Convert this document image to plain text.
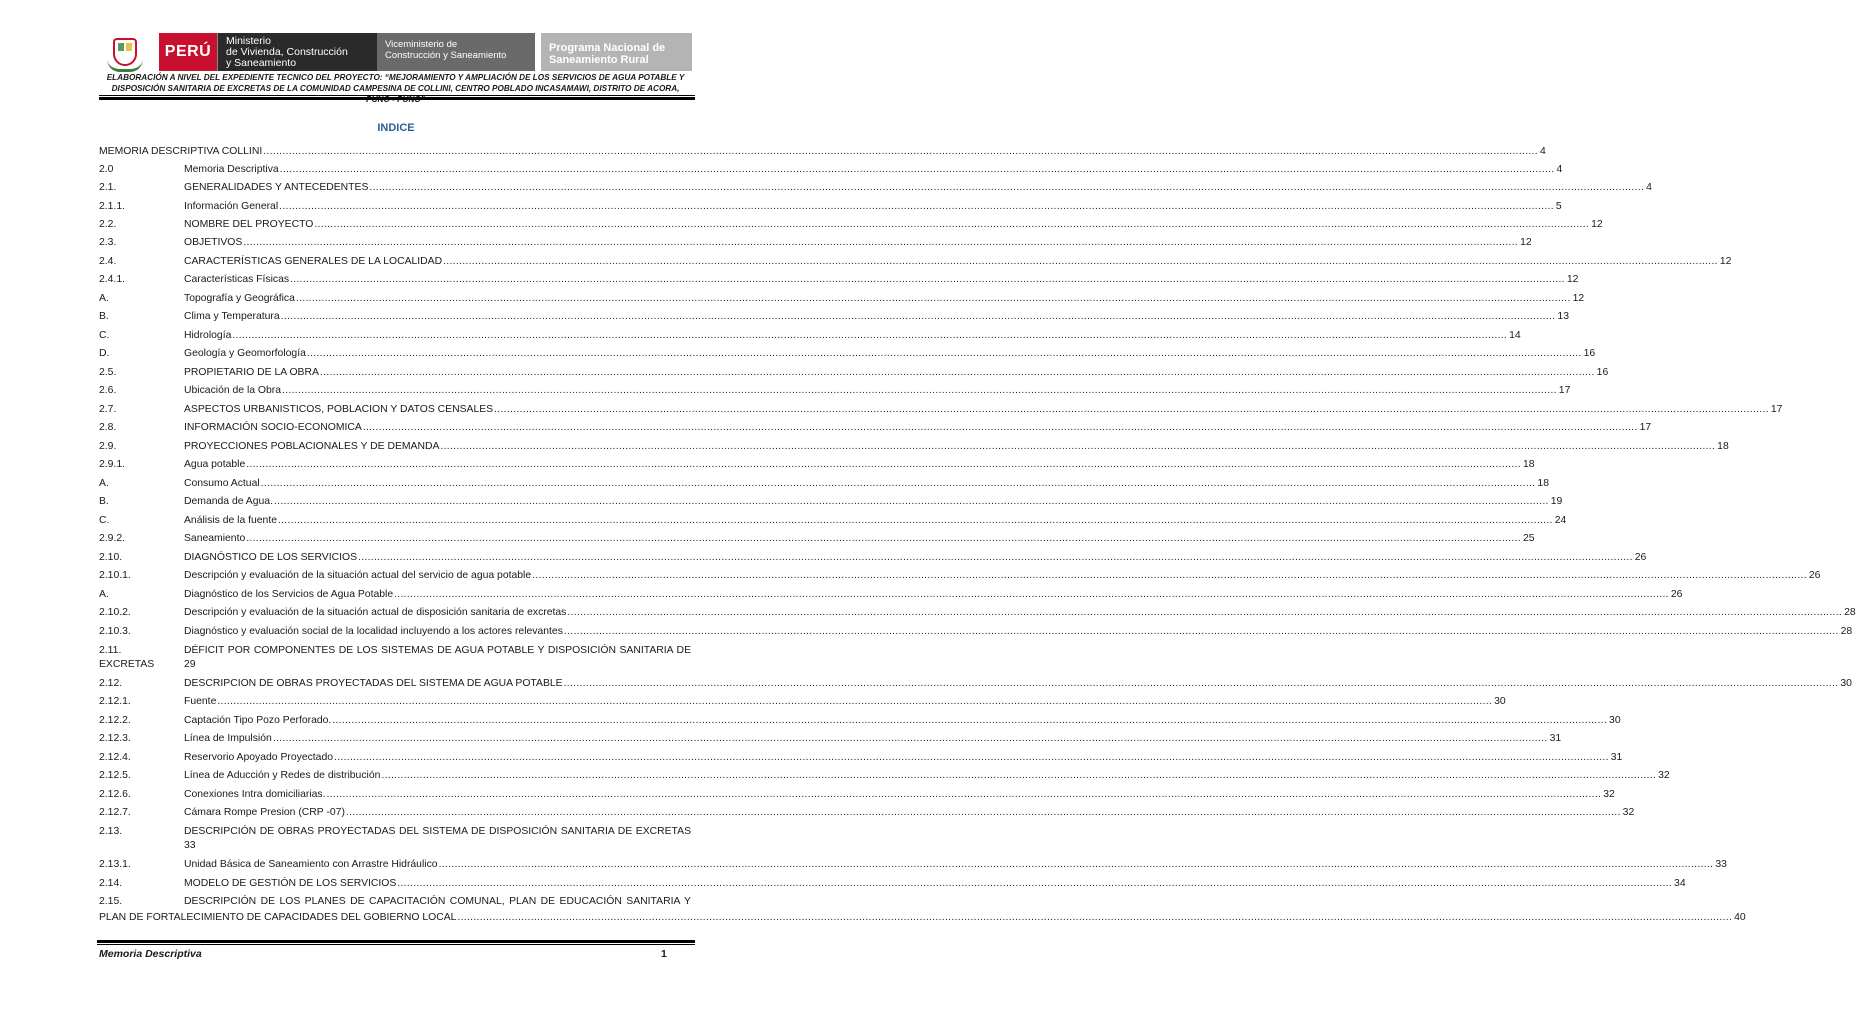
PERÚ
Ministerio
de Vivienda, Construcción
y Saneamiento
Viceministerio de
Construcción y Saneamiento
Programa Nacional de
Saneamiento Rural
ELABORACIÓN A NIVEL DEL EXPEDIENTE TECNICO DEL PROYECTO: “MEJORAMIENTO Y AMPLIACIÓN DE LOS SERVICIOS DE AGUA POTABLE Y DISPOSICIÓN SANITARIA DE EXCRETAS DE LA COMUNIDAD CAMPESINA DE COLLINI, CENTRO POBLADO INCASAMAWI, DISTRITO DE ACORA,
INDICE
MEMORIA DESCRIPTIVA COLLINI ................................................................................................................................................................................................................................................................................................................................................................................................................ 4
2.0	Memoria Descriptiva ................................................................................................................................................................................................................................................................................................................................................................................................................ 4
2.1.	GENERALIDADES Y ANTECEDENTES ................................................................................................................................................................................................................................................................................................................................................................................................................ 4
2.1.1.	Información General ................................................................................................................................................................................................................................................................................................................................................................................................................ 5
2.2.	NOMBRE DEL PROYECTO ................................................................................................................................................................................................................................................................................................................................................................................................................ 12
2.3.	OBJETIVOS ................................................................................................................................................................................................................................................................................................................................................................................................................ 12
2.4.	CARACTERÍSTICAS GENERALES DE LA LOCALIDAD ................................................................................................................................................................................................................................................................................................................................................................................................................ 12
2.4.1.	Características Físicas ................................................................................................................................................................................................................................................................................................................................................................................................................ 12
A.	Topografía y Geográfica ................................................................................................................................................................................................................................................................................................................................................................................................................ 12
B.	Clima y Temperatura ................................................................................................................................................................................................................................................................................................................................................................................................................ 13
C.	Hidrología ................................................................................................................................................................................................................................................................................................................................................................................................................ 14
D.	Geología y Geomorfología ................................................................................................................................................................................................................................................................................................................................................................................................................ 16
2.5.	PROPIETARIO DE LA OBRA ................................................................................................................................................................................................................................................................................................................................................................................................................ 16
2.6.	Ubicación de la Obra ................................................................................................................................................................................................................................................................................................................................................................................................................ 17
2.7.	ASPECTOS URBANISTICOS, POBLACION Y DATOS CENSALES ................................................................................................................................................................................................................................................................................................................................................................................................................ 17
2.8.	INFORMACIÓN SOCIO-ECONOMICA ................................................................................................................................................................................................................................................................................................................................................................................................................ 17
2.9.	PROYECCIONES POBLACIONALES Y DE DEMANDA ................................................................................................................................................................................................................................................................................................................................................................................................................ 18
2.9.1.	Agua potable ................................................................................................................................................................................................................................................................................................................................................................................................................ 18
A.	Consumo Actual ................................................................................................................................................................................................................................................................................................................................................................................................................ 18
B.	Demanda de Agua. ................................................................................................................................................................................................................................................................................................................................................................................................................ 19
C.	Análisis de la fuente ................................................................................................................................................................................................................................................................................................................................................................................................................ 24
2.9.2.	Saneamiento ................................................................................................................................................................................................................................................................................................................................................................................................................ 25
2.10.	DIAGNÓSTICO DE LOS SERVICIOS ................................................................................................................................................................................................................................................................................................................................................................................................................ 26
2.10.1.	Descripción y evaluación de la situación actual del servicio de agua potable ................................................................................................................................................................................................................................................................................................................................................................................................................ 26
A.	Diagnóstico de los Servicios de Agua Potable ................................................................................................................................................................................................................................................................................................................................................................................................................ 26
2.10.2.	Descripción y evaluación de la situación actual de disposición sanitaria de excretas ................................................................................................................................................................................................................................................................................................................................................................................................................ 28
2.10.3.	Diagnóstico y evaluación social de la localidad incluyendo a los actores relevantes ................................................................................................................................................................................................................................................................................................................................................................................................................ 28
2.11.	DÉFICIT POR COMPONENTES DE LOS SISTEMAS DE AGUA POTABLE Y DISPOSICIÓN SANITARIA DE
EXCRETAS	29
2.12.	DESCRIPCION DE OBRAS PROYECTADAS DEL SISTEMA DE AGUA POTABLE ................................................................................................................................................................................................................................................................................................................................................................................................................ 30
2.12.1.	Fuente ................................................................................................................................................................................................................................................................................................................................................................................................................ 30
2.12.2.	Captación Tipo Pozo Perforado. ................................................................................................................................................................................................................................................................................................................................................................................................................ 30
2.12.3.	Línea de Impulsión ................................................................................................................................................................................................................................................................................................................................................................................................................ 31
2.12.4.	Reservorio Apoyado Proyectado ................................................................................................................................................................................................................................................................................................................................................................................................................ 31
2.12.5.	Línea de Aducción y Redes de distribución ................................................................................................................................................................................................................................................................................................................................................................................................................ 32
2.12.6.	Conexiones Intra domiciliarias. ................................................................................................................................................................................................................................................................................................................................................................................................................ 32
2.12.7.	Cámara Rompe Presion (CRP -07) ................................................................................................................................................................................................................................................................................................................................................................................................................ 32
2.13.	DESCRIPCIÓN DE OBRAS PROYECTADAS DEL SISTEMA DE DISPOSICIÓN SANITARIA DE EXCRETAS
33
2.13.1.	Unidad Básica de Saneamiento con Arrastre Hidráulico ................................................................................................................................................................................................................................................................................................................................................................................................................ 33
2.14.	MODELO DE GESTIÓN DE LOS SERVICIOS ................................................................................................................................................................................................................................................................................................................................................................................................................ 34
2.15.	DESCRIPCIÓN DE LOS PLANES DE CAPACITACIÓN COMUNAL, PLAN DE EDUCACIÓN SANITARIA Y
PLAN DE FORTALECIMIENTO DE CAPACIDADES DEL GOBIERNO LOCAL ................................................................................................................................................................................................................................................................................................................................................................................................................ 40
Memoria Descriptiva	1
